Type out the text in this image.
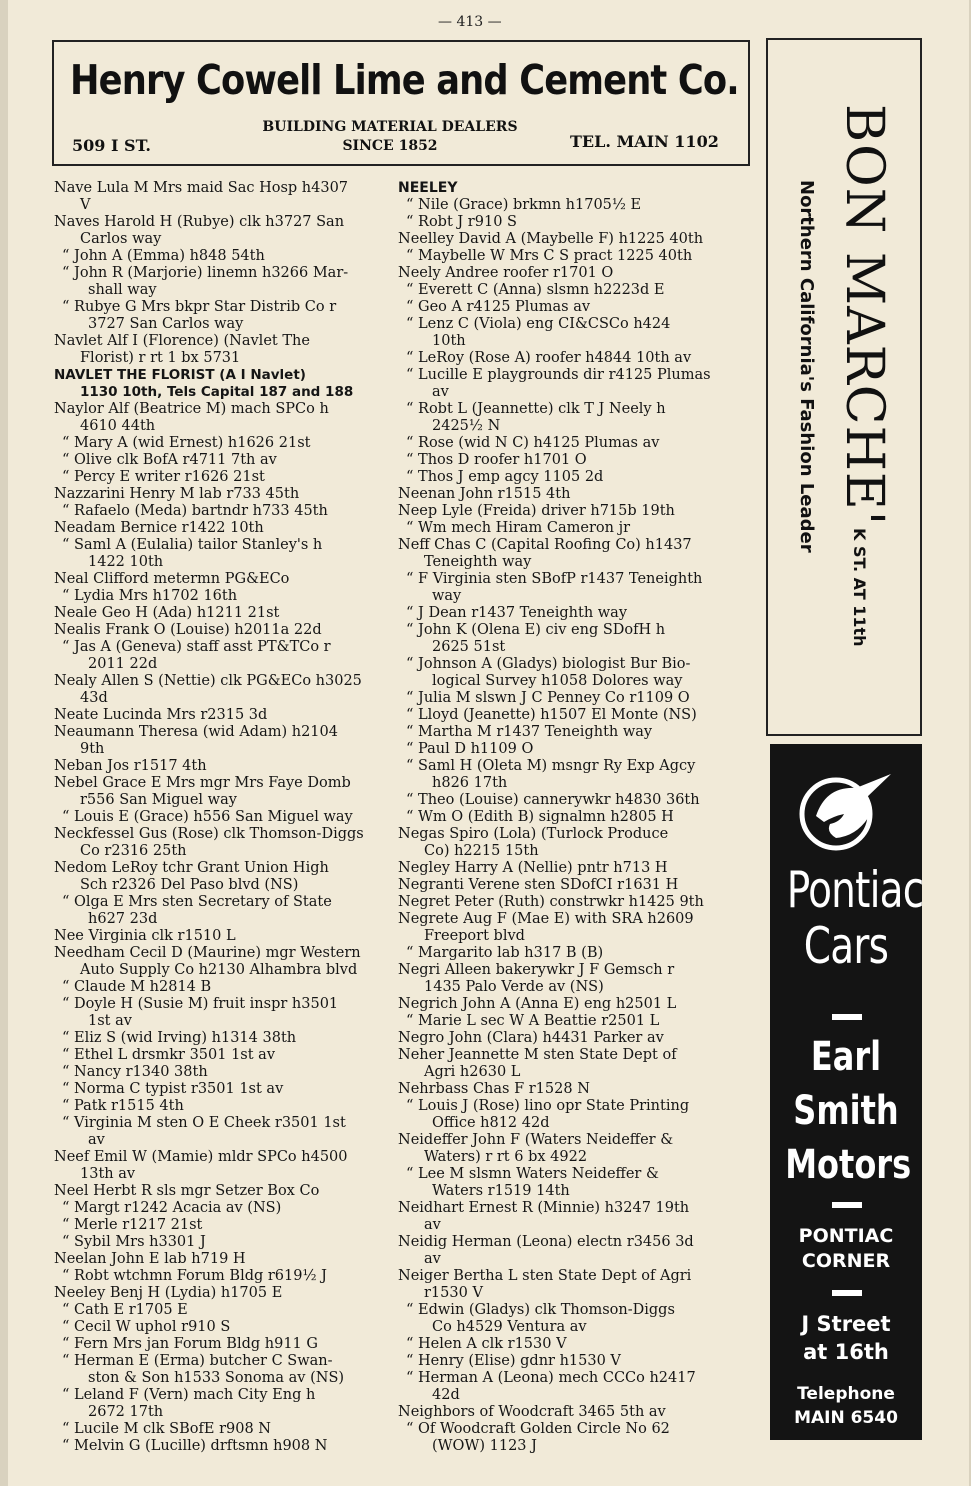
— 413 —
Henry Cowell Lime and Cement Co.
509 I ST.
BUILDING MATERIAL DEALERS
SINCE 1852	TEL. MAIN 1102
Nave Lula M Mrs maid Sac Hosp h4307
V
Naves Harold H (Rubye) clk h3727 San
Carlos way
“ John A (Emma) h848 54th
“ John R (Marjorie) linemn h3266 Mar-
shall way
“ Rubye G Mrs bkpr Star Distrib Co r
3727 San Carlos way
Navlet Alf I (Florence) (Navlet The
Florist) r rt 1 bx 5731
NAVLET THE FLORIST (A I Navlet)
1130 10th, Tels Capital 187 and 188
Naylor Alf (Beatrice M) mach SPCo h
4610 44th
“ Mary A (wid Ernest) h1626 21st
“ Olive clk BofA r4711 7th av
“ Percy E writer r1626 21st
Nazzarini Henry M lab r733 45th
“ Rafaelo (Meda) bartndr h733 45th
Neadam Bernice r1422 10th
“ Saml A (Eulalia) tailor Stanley's h
1422 10th
Neal Clifford metermn PG&ECo
“ Lydia Mrs h1702 16th
Neale Geo H (Ada) h1211 21st
Nealis Frank O (Louise) h2011a 22d
“ Jas A (Geneva) staff asst PT&TCo r
2011 22d
Nealy Allen S (Nettie) clk PG&ECo h3025
43d
Neate Lucinda Mrs r2315 3d
Neaumann Theresa (wid Adam) h2104
9th
Neban Jos r1517 4th
Nebel Grace E Mrs mgr Mrs Faye Domb
r556 San Miguel way
“ Louis E (Grace) h556 San Miguel way
Neckfessel Gus (Rose) clk Thomson-Diggs
Co r2316 25th
Nedom LeRoy tchr Grant Union High
Sch r2326 Del Paso blvd (NS)
“ Olga E Mrs sten Secretary of State
h627 23d
Nee Virginia clk r1510 L
Needham Cecil D (Maurine) mgr Western
Auto Supply Co h2130 Alhambra blvd
“ Claude M h2814 B
“ Doyle H (Susie M) fruit inspr h3501
1st av
“ Eliz S (wid Irving) h1314 38th
“ Ethel L drsmkr 3501 1st av
“ Nancy r1340 38th
“ Norma C typist r3501 1st av
“ Patk r1515 4th
“ Virginia M sten O E Cheek r3501 1st
av
Neef Emil W (Mamie) mldr SPCo h4500
13th av
Neel Herbt R sls mgr Setzer Box Co
“ Margt r1242 Acacia av (NS)
“ Merle r1217 21st
“ Sybil Mrs h3301 J
Neelan John E lab h719 H
“ Robt wtchmn Forum Bldg r619½ J
Neeley Benj H (Lydia) h1705 E
“ Cath E r1705 E
“ Cecil W uphol r910 S
“ Fern Mrs jan Forum Bldg h911 G
“ Herman E (Erma) butcher C Swan-
ston & Son h1533 Sonoma av (NS)
“ Leland F (Vern) mach City Eng h
2672 17th
“ Lucile M clk SBofE r908 N
“ Melvin G (Lucille) drftsmn h908 N
NEELEY
“ Nile (Grace) brkmn h1705½ E
“ Robt J r910 S
Neelley David A (Maybelle F) h1225 40th
“ Maybelle W Mrs C S pract 1225 40th
Neely Andree roofer r1701 O
“ Everett C (Anna) slsmn h2223d E
“ Geo A r4125 Plumas av
“ Lenz C (Viola) eng CI&CSCo h424
10th
“ LeRoy (Rose A) roofer h4844 10th av
“ Lucille E playgrounds dir r4125 Plumas
av
“ Robt L (Jeannette) clk T J Neely h
2425½ N
“ Rose (wid N C) h4125 Plumas av
“ Thos D roofer h1701 O
“ Thos J emp agcy 1105 2d
Neenan John r1515 4th
Neep Lyle (Freida) driver h715b 19th
“ Wm mech Hiram Cameron jr
Neff Chas C (Capital Roofing Co) h1437
Teneighth way
“ F Virginia sten SBofP r1437 Teneighth
way
“ J Dean r1437 Teneighth way
“ John K (Olena E) civ eng SDofH h
2625 51st
“ Johnson A (Gladys) biologist Bur Bio-
logical Survey h1058 Dolores way
“ Julia M slswn J C Penney Co r1109 O
“ Lloyd (Jeanette) h1507 El Monte (NS)
“ Martha M r1437 Teneighth way
“ Paul D h1109 O
“ Saml H (Oleta M) msngr Ry Exp Agcy
h826 17th
“ Theo (Louise) cannerywkr h4830 36th
“ Wm O (Edith B) signalmn h2805 H
Negas Spiro (Lola) (Turlock Produce
Co) h2215 15th
Negley Harry A (Nellie) pntr h713 H
Negranti Verene sten SDofCI r1631 H
Negret Peter (Ruth) constrwkr h1425 9th
Negrete Aug F (Mae E) with SRA h2609
Freeport blvd
“ Margarito lab h317 B (B)
Negri Alleen bakerywkr J F Gemsch r
1435 Palo Verde av (NS)
Negrich John A (Anna E) eng h2501 L
“ Marie L sec W A Beattie r2501 L
Negro John (Clara) h4431 Parker av
Neher Jeannette M sten State Dept of
Agri h2630 L
Nehrbass Chas F r1528 N
“ Louis J (Rose) lino opr State Printing
Office h812 42d
Neideffer John F (Waters Neideffer &
Waters) r rt 6 bx 4922
“ Lee M slsmn Waters Neideffer &
Waters r1519 14th
Neidhart Ernest R (Minnie) h3247 19th
av
Neidig Herman (Leona) electn r3456 3d
av
Neiger Bertha L sten State Dept of Agri
r1530 V
“ Edwin (Gladys) clk Thomson-Diggs
Co h4529 Ventura av
“ Helen A clk r1530 V
“ Henry (Elise) gdnr h1530 V
“ Herman A (Leona) mech CCCo h2417
42d
Neighbors of Woodcraft 3465 5th av
“ Of Woodcraft Golden Circle No 62
(WOW) 1123 J
BON MARCHE'
Northern California's Fashion Leader
K ST. AT 11th
Pontiac
Cars
Earl
Smith
Motors
PONTIAC
CORNER
J Street
at 16th
Telephone
MAIN 6540
